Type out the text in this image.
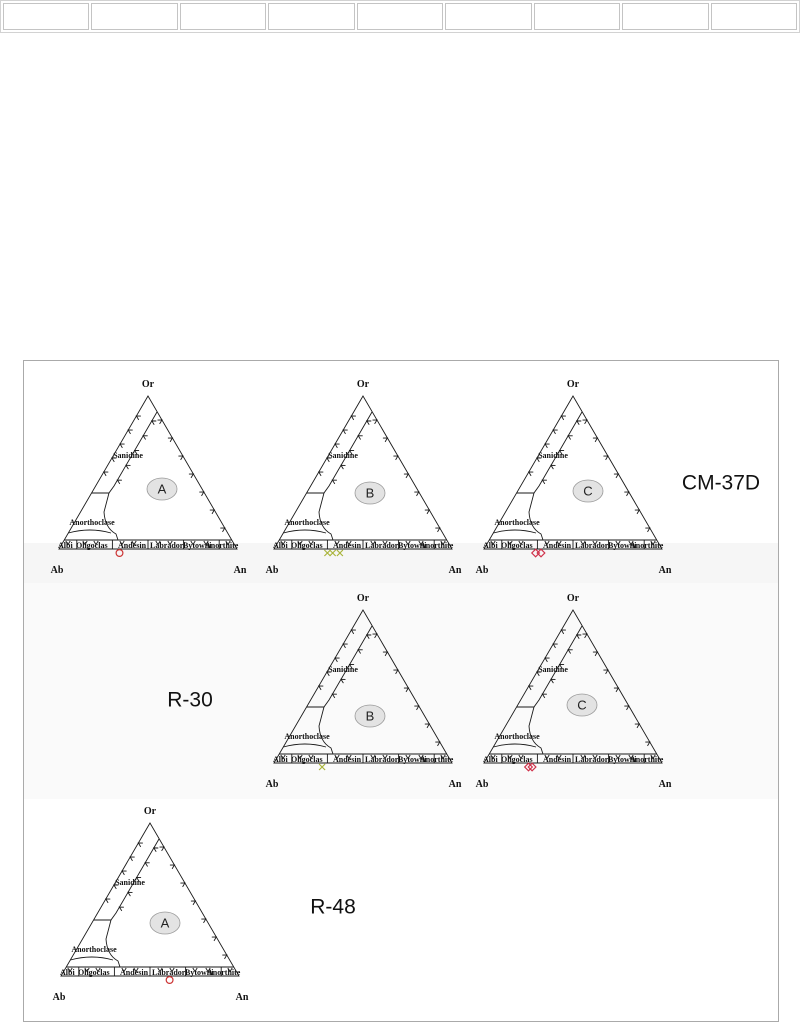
CM-37D
Or
Ab	An
Sanidine
Anorthoclase
Albi Oligoclas Andesin Labradori
Bytowni
Anorthite
A
Or
Ab	An
Sanidine
Anorthoclase
Albi Oligoclas Andesin Labradori
Bytowni
Anorthite
B
Or
Ab	An
Sanidine
Anorthoclase
Albi Oligoclas Andesin Labradori
Bytowni
Anorthite
C
R-30
Or
Ab	An
Sanidine
Anorthoclase
Albi Oligoclas Andesin Labradori
Bytowni
Anorthite
B
Or
Ab	An
Sanidine
Anorthoclase
Albi Oligoclas Andesin Labradori
Bytowni
Anorthite
C
R-48
Or
Ab	An
Sanidine
Anorthoclase
Albi Oligoclas Andesin Labradori
Bytowni
Anorthite
A
